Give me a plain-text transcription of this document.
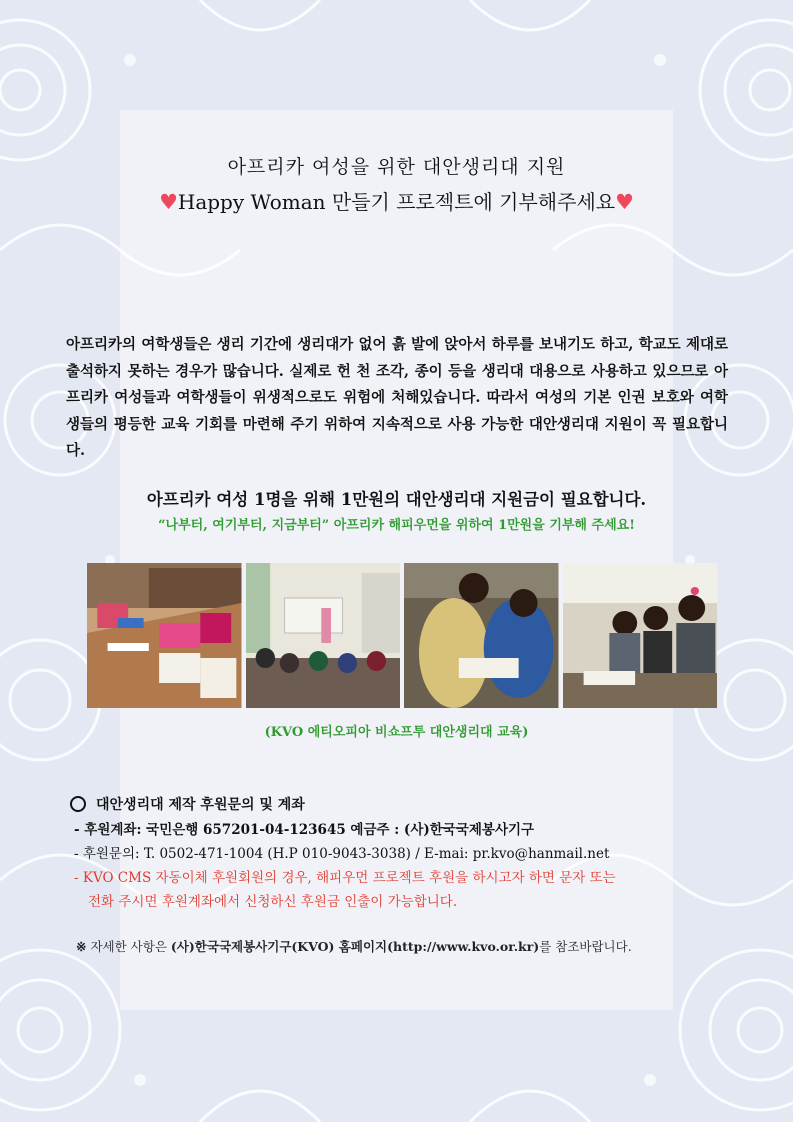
아프리카 여성을 위한 대안생리대 지원
♥Happy Woman 만들기 프로젝트에 기부해주세요♥
아프리카의 여학생들은 생리 기간에 생리대가 없어 흙 발에 앉아서 하루를 보내기도 하고, 학교도 제대로 출석하지 못하는 경우가 많습니다. 실제로 헌 천 조각, 종이 등을 생리대 대용으로 사용하고 있으므로 아프리카 여성들과 여학생들이 위생적으로도 위험에 처해있습니다. 따라서 여성의 기본 인권 보호와 여학생들의 평등한 교육 기회를 마련해 주기 위하여 지속적으로 사용 가능한 대안생리대 지원이 꼭 필요합니다.
아프리카 여성 1명을 위해 1만원의 대안생리대 지원금이 필요합니다.
“나부터, 여기부터, 지금부터” 아프리카 해피우먼을 위하여 1만원을 기부해 주세요!
(KVO 에티오피아 비쇼프투 대안생리대 교육)
대안생리대 제작 후원문의 및 계좌
- 후원계좌: 국민은행 657201-04-123645 예금주 : (사)한국국제봉사기구
- 후원문의: T. 0502-471-1004 (H.P 010-9043-3038) / E-mai: pr.kvo@hanmail.net
- KVO CMS 자동이체 후원회원의 경우, 해피우먼 프로젝트 후원을 하시고자 하면 문자 또는
전화 주시면 후원계좌에서 신청하신 후원금 인출이 가능합니다.
※ 자세한 사항은 (사)한국국제봉사기구(KVO) 홈페이지(http://www.kvo.or.kr)를 참조바랍니다.
